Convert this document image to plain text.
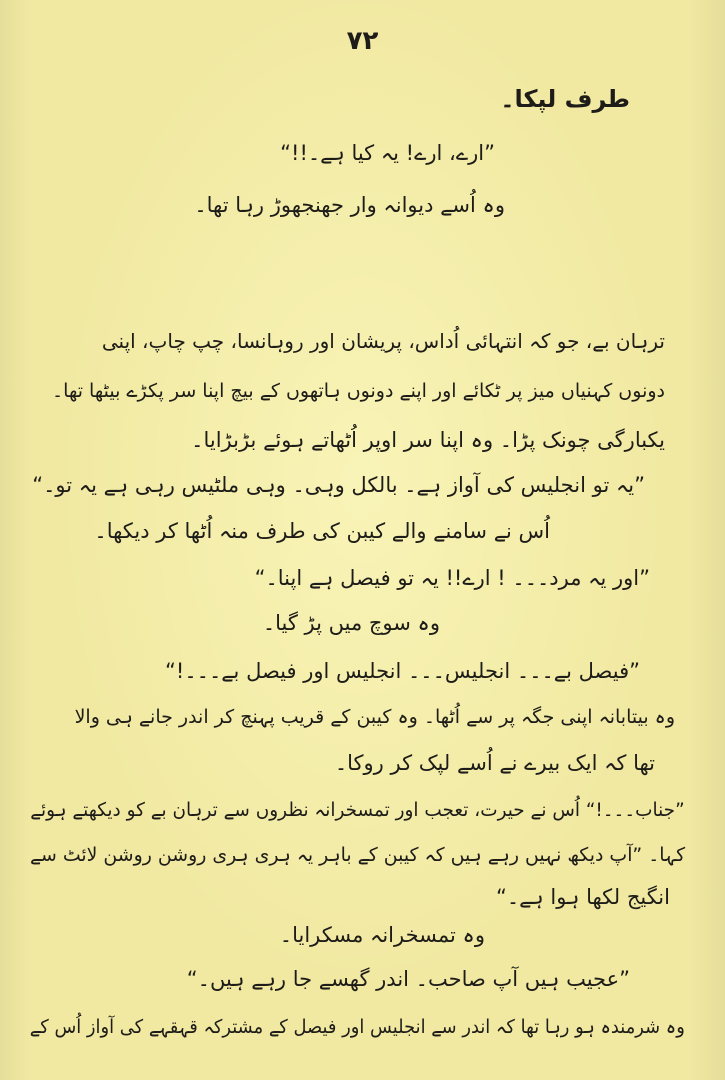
۷۲
طرف لپکا۔
”ارے، ارے! یہ کیا ہے۔!!“
وہ اُسے دیوانہ وار جھنجھوڑ رہا تھا۔
ترہان بے، جو کہ انتہائی اُداس، پریشان اور روہانسا، چپ چاپ، اپنی
دونوں کہنیاں میز پر ٹکائے اور اپنے دونوں ہاتھوں کے بیچ اپنا سر پکڑے بیٹھا تھا۔
یکبارگی چونک پڑا۔ وہ اپنا سر اوپر اُٹھاتے ہوئے بڑبڑایا۔
”یہ تو انجلیس کی آواز ہے۔ بالکل وہی۔ وہی ملٹیس رہی ہے یہ تو۔“
اُس نے سامنے والے کیبن کی طرف منہ اُٹھا کر دیکھا۔
”اور یہ مرد۔۔۔ ! ارے!! یہ تو فیصل ہے اپنا۔“
وہ سوچ میں پڑ گیا۔
”فیصل بے۔۔۔ انجلیس۔۔۔ انجلیس اور فیصل بے۔۔۔!“
وہ بیتابانہ اپنی جگہ پر سے اُٹھا۔ وہ کیبن کے قریب پہنچ کر اندر جانے ہی والا
تھا کہ ایک بیرے نے اُسے لپک کر روکا۔
”جناب۔۔۔!“ اُس نے حیرت، تعجب اور تمسخرانہ نظروں سے ترہان بے کو دیکھتے ہوئے
کہا۔ ”آپ دیکھ نہیں رہے ہیں کہ کیبن کے باہر یہ ہری ہری روشن روشن لائٹ سے
انگیج لکھا ہوا ہے۔“
وہ تمسخرانہ مسکرایا۔
”عجیب ہیں آپ صاحب۔ اندر گھسے جا رہے ہیں۔“
وہ شرمندہ ہو رہا تھا کہ اندر سے انجلیس اور فیصل کے مشترکہ قہقہے کی آواز اُس کے
